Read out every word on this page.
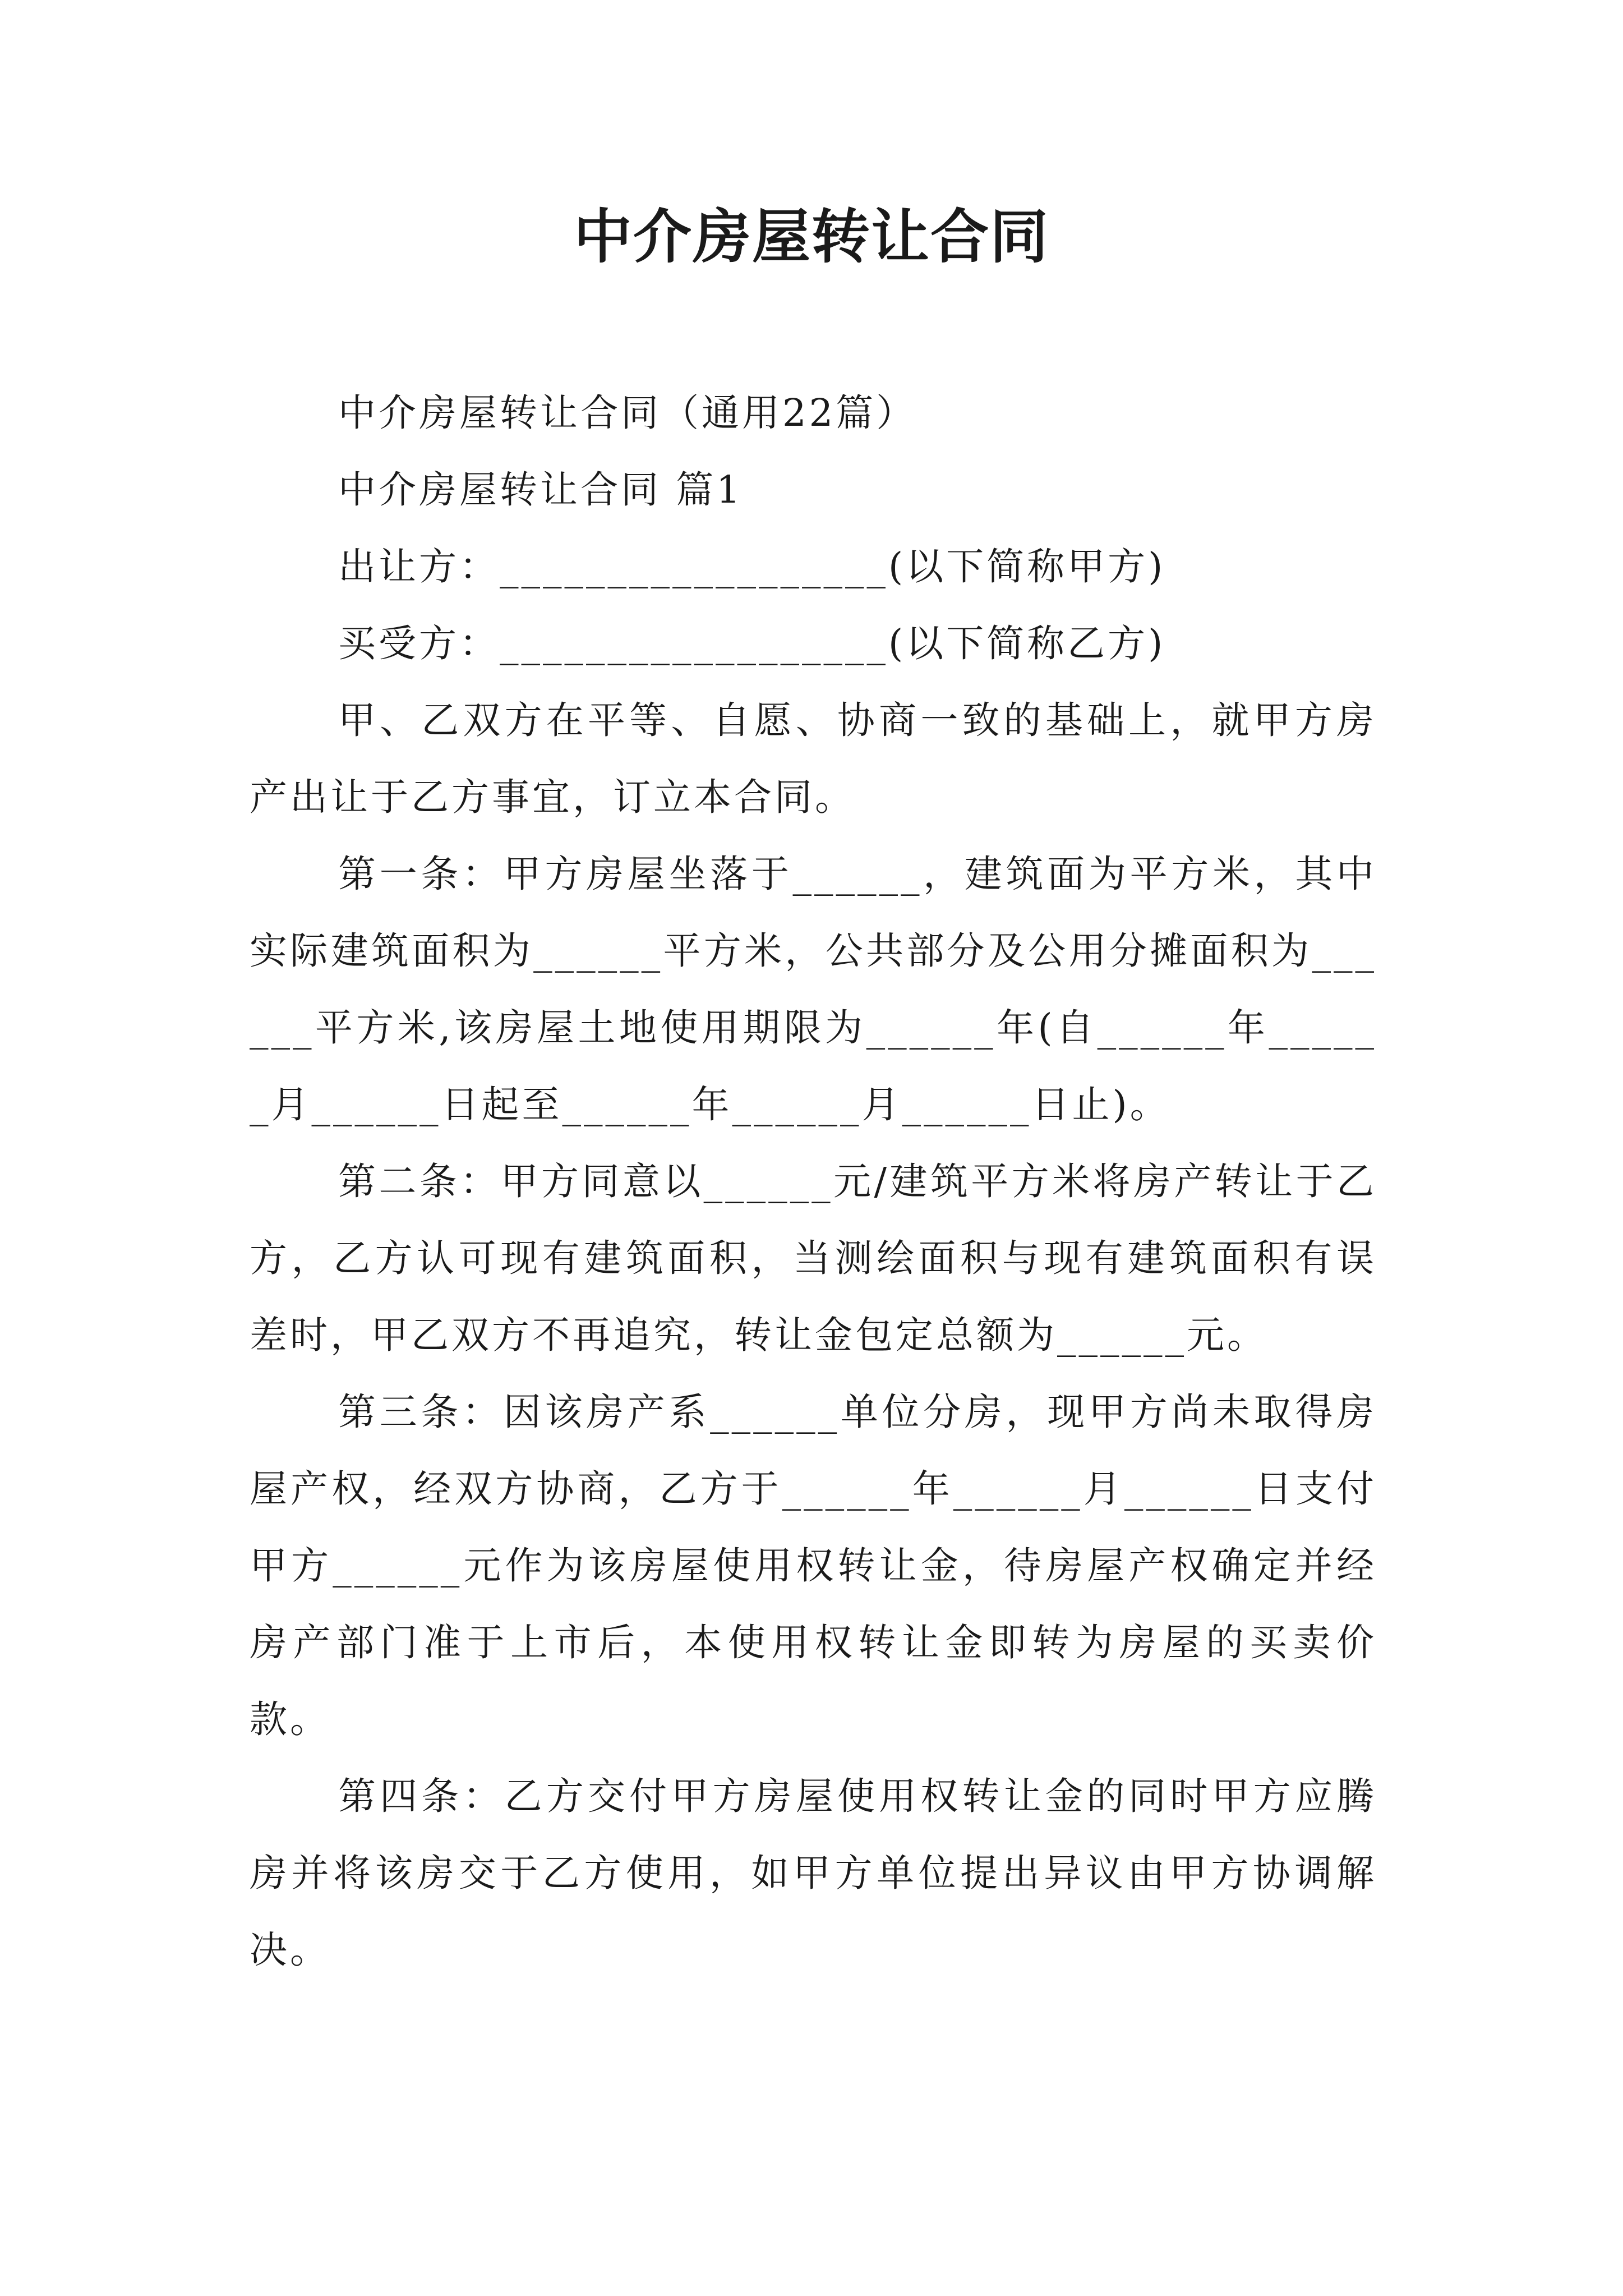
中介房屋转让合同

中介房屋转让合同（通用22篇）

中介房屋转让合同 篇1

出让方：__________________(以下简称甲方)

买受方：__________________(以下简称乙方)

甲、乙双方在平等、自愿、协商一致的基础上，就甲方房产出让于乙方事宜，订立本合同。

第一条：甲方房屋坐落于______，建筑面为平方米，其中实际建筑面积为______平方米，公共部分及公用分摊面积为______平方米,该房屋土地使用期限为______年(自______年______月______日起至______年______月______日止)。

第二条：甲方同意以______元/建筑平方米将房产转让于乙方，乙方认可现有建筑面积，当测绘面积与现有建筑面积有误差时，甲乙双方不再追究，转让金包定总额为______元。

第三条：因该房产系______单位分房，现甲方尚未取得房屋产权，经双方协商，乙方于______年______月______日支付甲方______元作为该房屋使用权转让金，待房屋产权确定并经房产部门准于上市后，本使用权转让金即转为房屋的买卖价款。

第四条：乙方交付甲方房屋使用权转让金的同时甲方应腾房并将该房交于乙方使用，如甲方单位提出异议由甲方协调解决。
